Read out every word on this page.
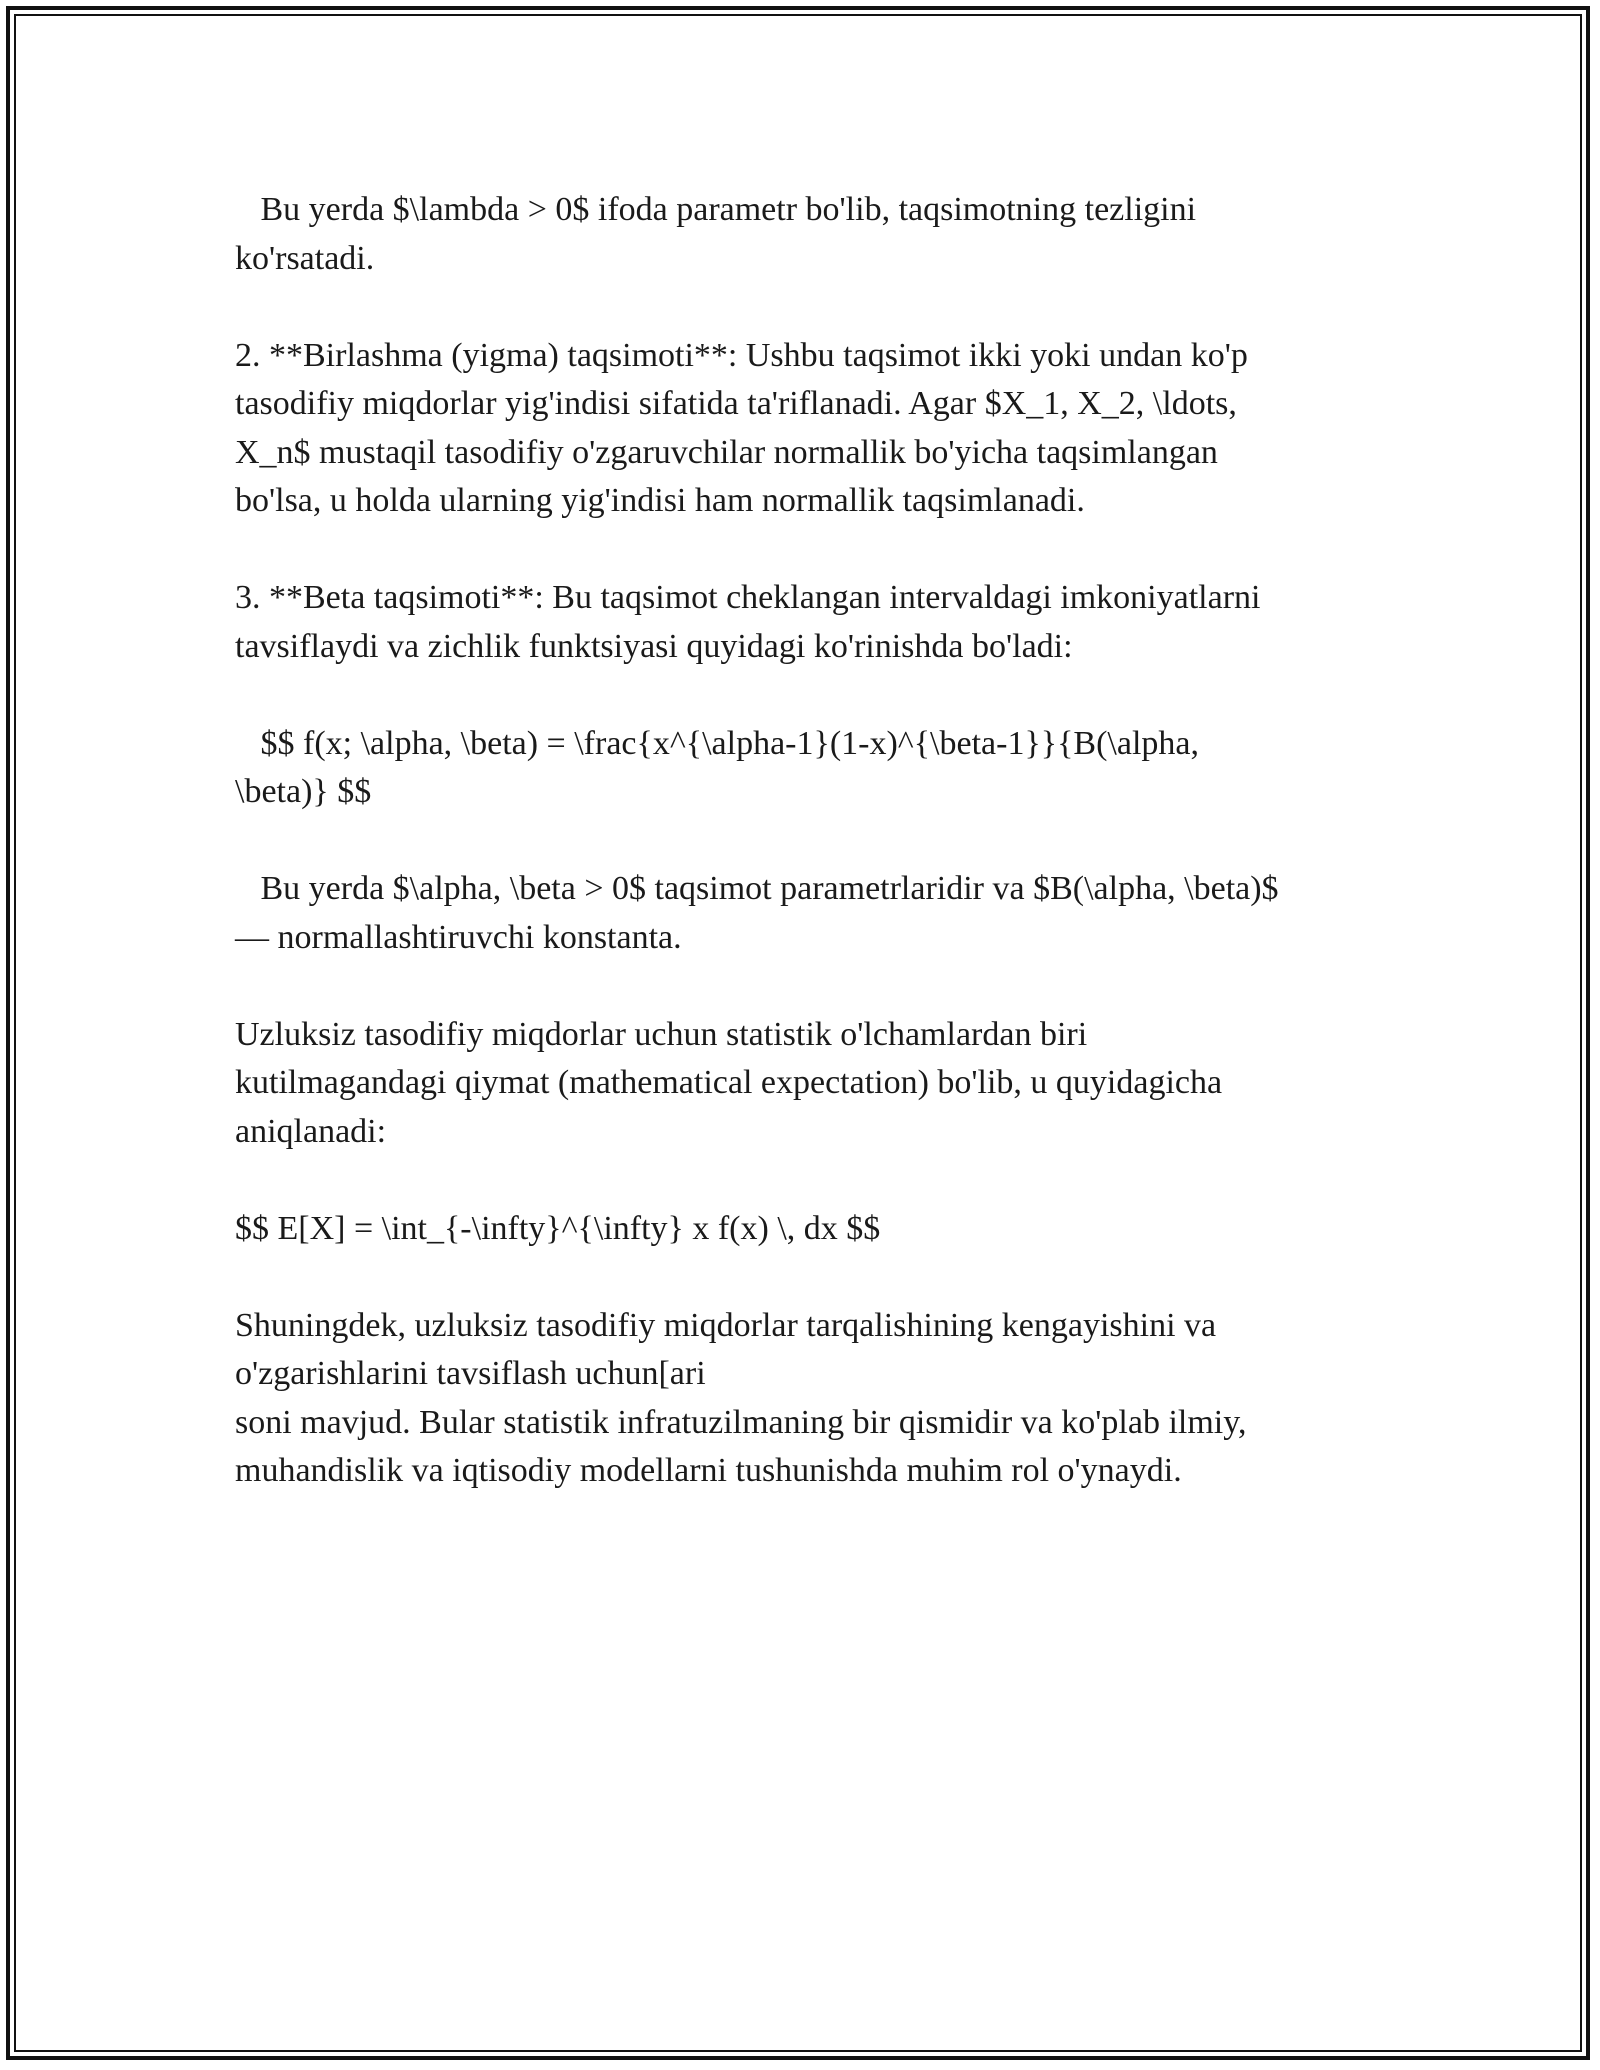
Bu yerda $\lambda > 0$ ifoda parametr bo'lib, taqsimotning tezligini

ko'rsatadi.

2. **Birlashma (yigma) taqsimoti**: Ushbu taqsimot ikki yoki undan ko'p

tasodifiy miqdorlar yig'indisi sifatida ta'riflanadi. Agar $X_1, X_2, \ldots,

X_n$ mustaqil tasodifiy o'zgaruvchilar normallik bo'yicha taqsimlangan

bo'lsa, u holda ularning yig'indisi ham normallik taqsimlanadi.

3. **Beta taqsimoti**: Bu taqsimot cheklangan intervaldagi imkoniyatlarni

tavsiflaydi va zichlik funktsiyasi quyidagi ko'rinishda bo'ladi:

$$ f(x; \alpha, \beta) = \frac{x^{\alpha-1}(1-x)^{\beta-1}}{B(\alpha,

\beta)} $$

Bu yerda $\alpha, \beta > 0$ taqsimot parametrlaridir va $B(\alpha, \beta)$

— normallashtiruvchi konstanta.

Uzluksiz tasodifiy miqdorlar uchun statistik o'lchamlardan biri

kutilmagandagi qiymat (mathematical expectation) bo'lib, u quyidagicha

aniqlanadi:

$$ E[X] = \int_{-\infty}^{\infty} x f(x) \, dx $$

Shuningdek, uzluksiz tasodifiy miqdorlar tarqalishining kengayishini va

o'zgarishlarini tavsiflash uchun[ari

soni mavjud. Bular statistik infratuzilmaning bir qismidir va ko'plab ilmiy,

muhandislik va iqtisodiy modellarni tushunishda muhim rol o'ynaydi.
